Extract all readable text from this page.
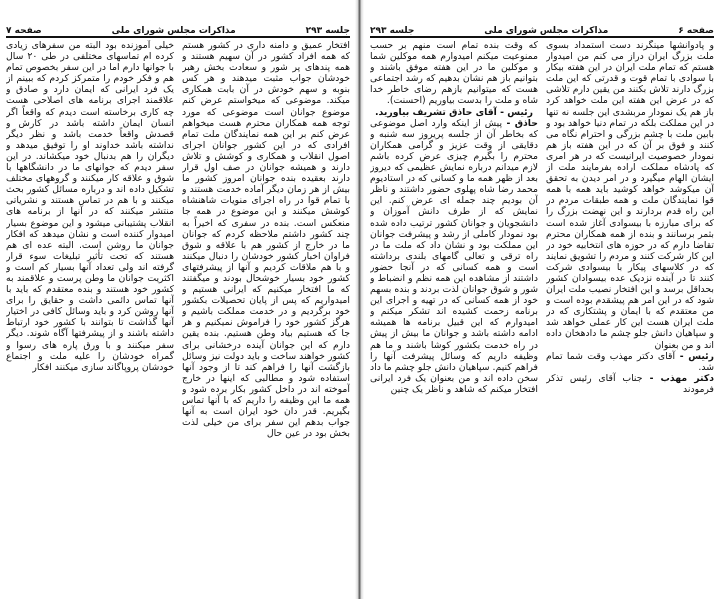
صفحه ۷	مذاکرات مجلس شورای ملی	جلسه ۲۹۳

افتخار عمیق و دامنه داری در کشور هستم که همه افراد کشور در آن سهیم هستند و همه پندهای پر شور و سعادت بخش رهبر خودشان جواب مثبت میدهند و هر کس بنوبه و سهم خودش در آن بابت همکاری میکند. موضوعی که میخواستم عرض کنم موضوع جوانان است موضوعی که مورد توجه همه همکاران محترم هست میخواهم عرض کنم بر این همه نمایندگان ملت تمام افرادی که در این کشور جوانان اجرای اصول انقلاب و همکاری و کوشش و تلاش دارند و همیشه جوانان در صف اول قرار دارند بعقیده بنده جوانان امروز کشور ما بیش از هر زمان دیگر آماده خدمت هستند و با تمام قوا در راه اجرای منویات شاهنشاه کوشش میکنند و این موضوع در همه جا منعکس است. بنده در سفری که اخیراً به چند کشور داشتم ملاحظه کردم که جوانان ما در خارج از کشور هم با علاقه و شوق فراوان اخبار کشور خودشان را دنبال میکنند و با هم ملاقات کردیم و آنها از پیشرفتهای کشور خود بسیار خوشحال بودند و میگفتند که ما افتخار میکنیم که ایرانی هستیم و امیدواریم که پس از پایان تحصیلات بکشور خود برگردیم و در خدمت مملکت باشیم و هرگز کشور خود را فراموش نمیکنیم و هر جا که هستیم بیاد وطن هستیم. بنده یقین دارم که این جوانان آینده درخشانی برای کشور خواهند ساخت و باید دولت نیز وسائل بازگشت آنها را فراهم کند تا از وجود آنها استفاده شود و مطالبی که اینها در خارج آموخته اند در داخل کشور بکار برده شود و همه ما این وظیفه را داریم که با آنها تماس بگیریم. قدر دان خود ایران است به آنها جواب بدهم این سفر برای من خیلی لذت بخش بود در عین حال

خیلی آموزنده بود البته من سفرهای زیادی کرده ام تماسهای مختلفی در طی ۲۰ سال با جوانها دارم اما در این سفر بخصوص تمام هم و فکر خودم را متمرکز کردم که ببینم از یک فرد ایرانی که ایمان دارد و صادق و علاقمند اجرای برنامه های اصلاحی هست چه کاری برخاسته است دیدم که واقعاً اگر انسان ایمان داشته باشد در کارش و قصدش واقعاً خدمت باشد و نظر دیگر نداشته باشد خداوند او را توفیق میدهد و دیگران را هم بدنبال خود میکشاند. در این سفر دیدم که جوانهای ما در دانشگاهها با شوق و علاقه کار میکنند و گروههای مختلف تشکیل داده اند و درباره مسائل کشور بحث میکنند و با هم در تماس هستند و نشریاتی منتشر میکنند که در آنها از برنامه های انقلاب پشتیبانی میشود و این موضوع بسیار امیدوار کننده است و نشان میدهد که افکار جوانان ما روشن است. البته عده ای هم هستند که تحت تأثیر تبلیغات سوء قرار گرفته اند ولی تعداد آنها بسیار کم است و اکثریت جوانان ما وطن پرست و علاقمند به کشور خود هستند و بنده معتقدم که باید با آنها تماس دائمی داشت و حقایق را برای آنها روشن کرد و باید وسائل کافی در اختیار آنها گذاشت تا بتوانند با کشور خود ارتباط داشته باشند و از پیشرفتها آگاه شوند. دیگر سفر میکنند و با ورق پاره های رسوا و گمراه خودشان را علیه ملت و اجتماع خودشان پروپاگاند سازی میکنند افکار

جلسه ۲۹۳	مذاکرات مجلس شورای ملی	صفحه ۶

و پادوانشها مینگرند دست استمداد بسوی ملت بزرگ ایران دراز می کنم من امیدوار هستم که تمام ملت ایران در این هفته بیکار با سوادی با تمام قوت و قدرتی که این ملت بزرگ دارند تلاش بکنند من یقین دارم تلاشی که در عرض این هفته این ملت خواهد کرد باز هم یک نمودار مربشدی این جلسه نه تنها در این مملکت بلکه در تمام دنیا خواهد بود و بابین ملت با چشم بزرگی و احترام نگاه می کنند و فوق بر آن که در این هفته باز هم نمودار خصوصیت ایرانیست که در هر امری که پادشاه مملکت اراده بفرمایند ملت از ایشان الهام میگیرد و در امر دیدن به تحقق آن میکوشد خواهد کوشید باید همه با همه قوا نمایندگان ملت و همه طبقات مردم در این راه قدم بردارند و این نهضت بزرگ را که برای مبارزه با بیسوادی آغاز شده است بثمر برسانند و بنده از همه همکاران محترم تقاضا دارم که در حوزه های انتخابیه خود در این کار شرکت کنند و مردم را تشویق نمایند که در کلاسهای پیکار با بیسوادی شرکت کنند تا در آینده نزدیک عده بیسوادان کشور بحداقل برسد و این افتخار نصیب ملت ایران شود که در این امر هم پیشقدم بوده است و من معتقدم که با ایمان و پشتکاری که در ملت ایران هست این کار عملی خواهد شد و سپاهیان دانش جلو چشم ما دادهخان داده اند و من بعنوان

رئیس - آقای دکتر مهذب وقت شما تمام شد.

دکتر مهذب - جناب آقای رئیس تذکر فرمودند

که وقت بنده تمام است منهم بر حسب ممنوعیت میکنم امیدوارم همه موکلین شما و موکلین ما در این هفته موفق باشند و بتوانیم باز هم نشان بدهیم که رشد اجتماعی هست که میتوانیم بازهم رضای خاطر خدا شاه و ملت را بدست بیاوریم (احسنت).

رئیس - آقای حاذق تشریف بیاورید.

حاذق - پیش از اینکه وارد اصل موضوعی که بخاطر آن از جلسه پریروز سه شنبه و دقایقی از وقت عزیز و گرامی همکاران محترم را بگیرم چیزی عرض کرده باشم لازم میدانم درباره نمایش عظیمی که دیروز بعد از ظهر همه ما و کسانی که در استادیوم محمد رضا شاه پهلوی حضور داشتند و ناظر آن بودیم چند جمله ای عرض کنم. این نمایش که از طرف دانش آموزان و دانشجویان و جوانان کشور ترتیب داده شده بود نمودار کاملی از رشد و پیشرفت جوانان این مملکت بود و نشان داد که ملت ما در راه ترقی و تعالی گامهای بلندی برداشته است و همه کسانی که در آنجا حضور داشتند از مشاهده این همه نظم و انضباط و شور و شوق جوانان لذت بردند و بنده بسهم خود از همه کسانی که در تهیه و اجرای این برنامه زحمت کشیده اند تشکر میکنم و امیدوارم که این قبیل برنامه ها همیشه ادامه داشته باشد و جوانان ما بیش از پیش در راه خدمت بکشور کوشا باشند و ما هم وظیفه داریم که وسائل پیشرفت آنها را فراهم کنیم. سپاهیان دانش جلو چشم ما داد سخن داده اند و من بعنوان یک فرد ایرانی افتخار میکنم که شاهد و ناظر یک چنین
